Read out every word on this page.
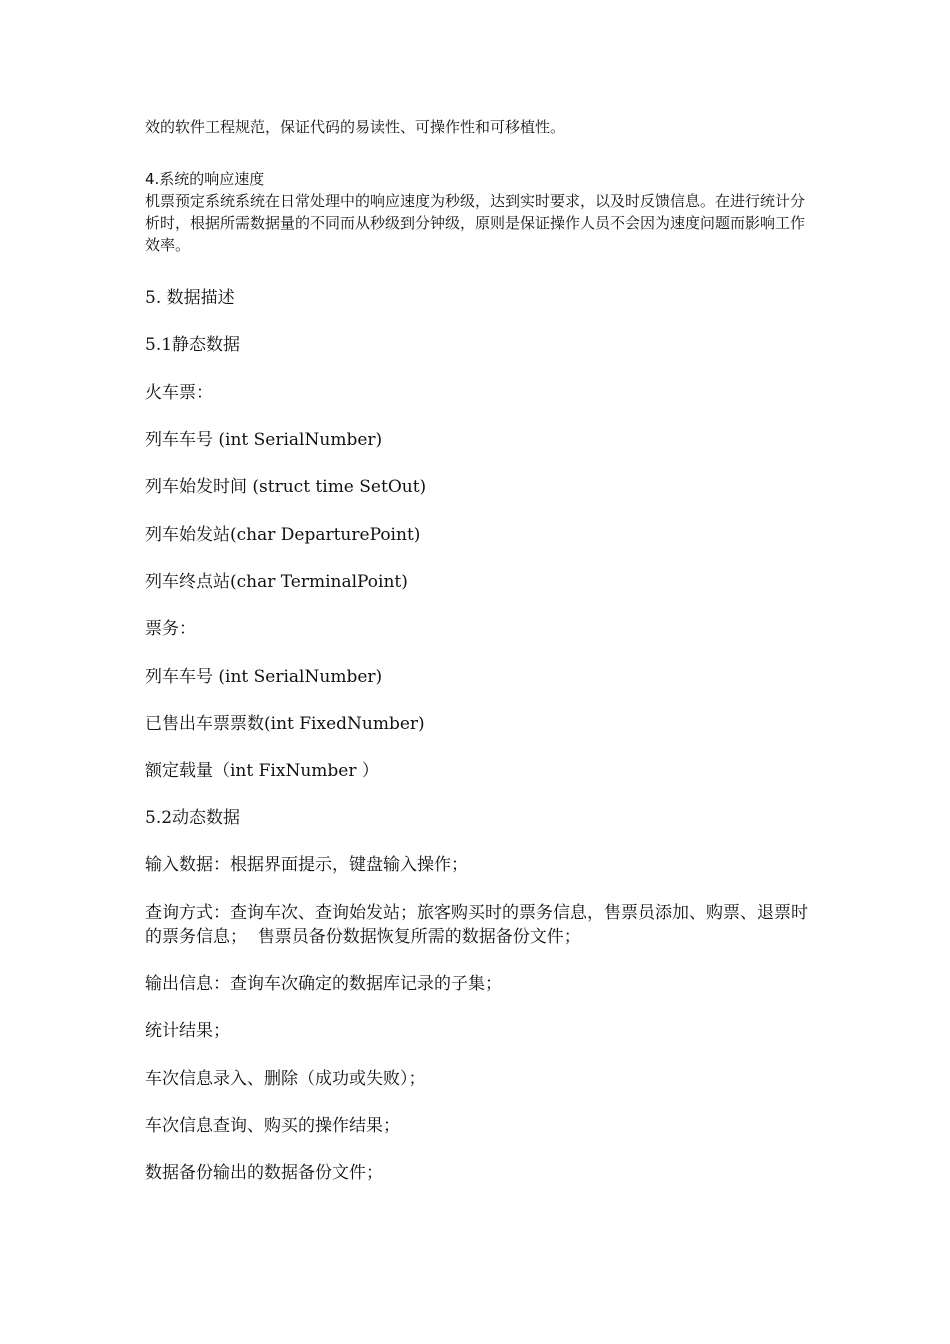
效的软件工程规范，保证代码的易读性、可操作性和可移植性。

4.系统的响应速度

机票预定系统系统在日常处理中的响应速度为秒级，达到实时要求，以及时反馈信息。在进行统计分析时，根据所需数据量的不同而从秒级到分钟级，原则是保证操作人员不会因为速度问题而影响工作效率。

5. 数据描述

5.1静态数据

火车票：

列车车号 (int SerialNumber)

列车始发时间 (struct time SetOut)

列车始发站(char DeparturePoint)

列车终点站(char TerminalPoint)

票务：

列车车号 (int SerialNumber)

已售出车票票数(int FixedNumber)

额定载量（int FixNumber ）

5.2动态数据

输入数据：根据界面提示，键盘输入操作；

查询方式：查询车次、查询始发站；旅客购买时的票务信息，售票员添加、购票、退票时的票务信息；  售票员备份数据恢复所需的数据备份文件；

输出信息：查询车次确定的数据库记录的子集；

统计结果；

车次信息录入、删除（成功或失败）；

车次信息查询、购买的操作结果；

数据备份输出的数据备份文件；
